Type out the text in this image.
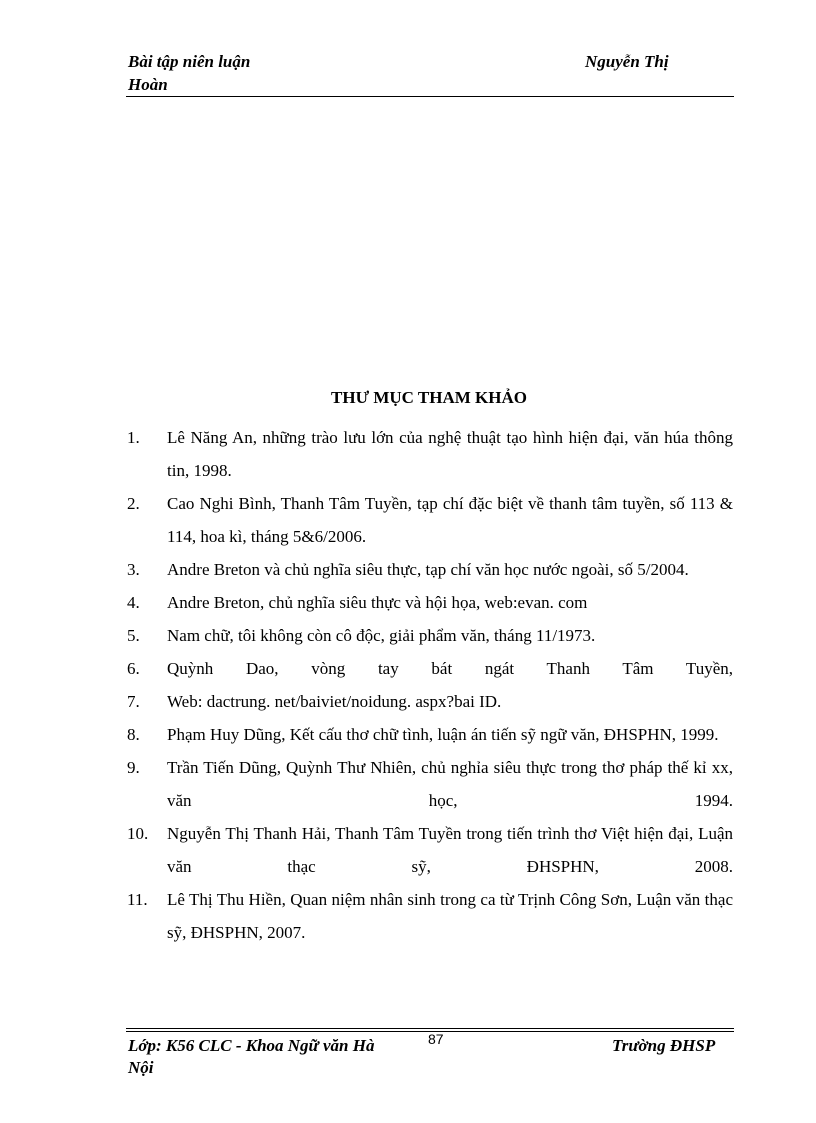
Bài tập niên luận
Hoàn
Nguyễn Thị
THƯ MỤC THAM KHẢO
1. Lê Năng An, những trào lưu lớn của nghệ thuật tạo hình hiện đại, văn húa thông tin, 1998.
2. Cao Nghi Bình, Thanh Tâm Tuyền, tạp chí đặc biệt về thanh tâm tuyền, số 113 & 114, hoa kì, tháng 5&6/2006.
3. Andre Breton và chủ nghĩa siêu thực, tạp chí văn học nước ngoài, số 5/2004.
4. Andre Breton, chủ nghĩa siêu thực và hội họa, web:evan. com
5. Nam chữ, tôi không còn cô độc, giải phẩm văn, tháng 11/1973.
6. Quỳnh Dao, vòng tay bát ngát Thanh Tâm Tuyền,
7. Web: dactrung. net/baiviet/noidung. aspx?bai ID.
8. Phạm Huy Dũng, Kết cấu thơ chữ tình, luận án tiến sỹ ngữ văn, ĐHSPHN, 1999.
9. Trần Tiến Dũng, Quỳnh Thư Nhiên, chủ nghỉa siêu thực trong thơ pháp thế kỉ xx, văn học, 1994.
10. Nguyễn Thị Thanh Hải, Thanh Tâm Tuyền trong tiến trình thơ Việt hiện đại, Luận văn thạc sỹ, ĐHSPHN, 2008.
11. Lê Thị Thu Hiền, Quan niệm nhân sinh trong ca từ Trịnh Công Sơn, Luận văn thạc sỹ, ĐHSPHN, 2007.
Lớp: K56 CLC - Khoa Ngữ văn Hà Nội
87	Trường ĐHSP
